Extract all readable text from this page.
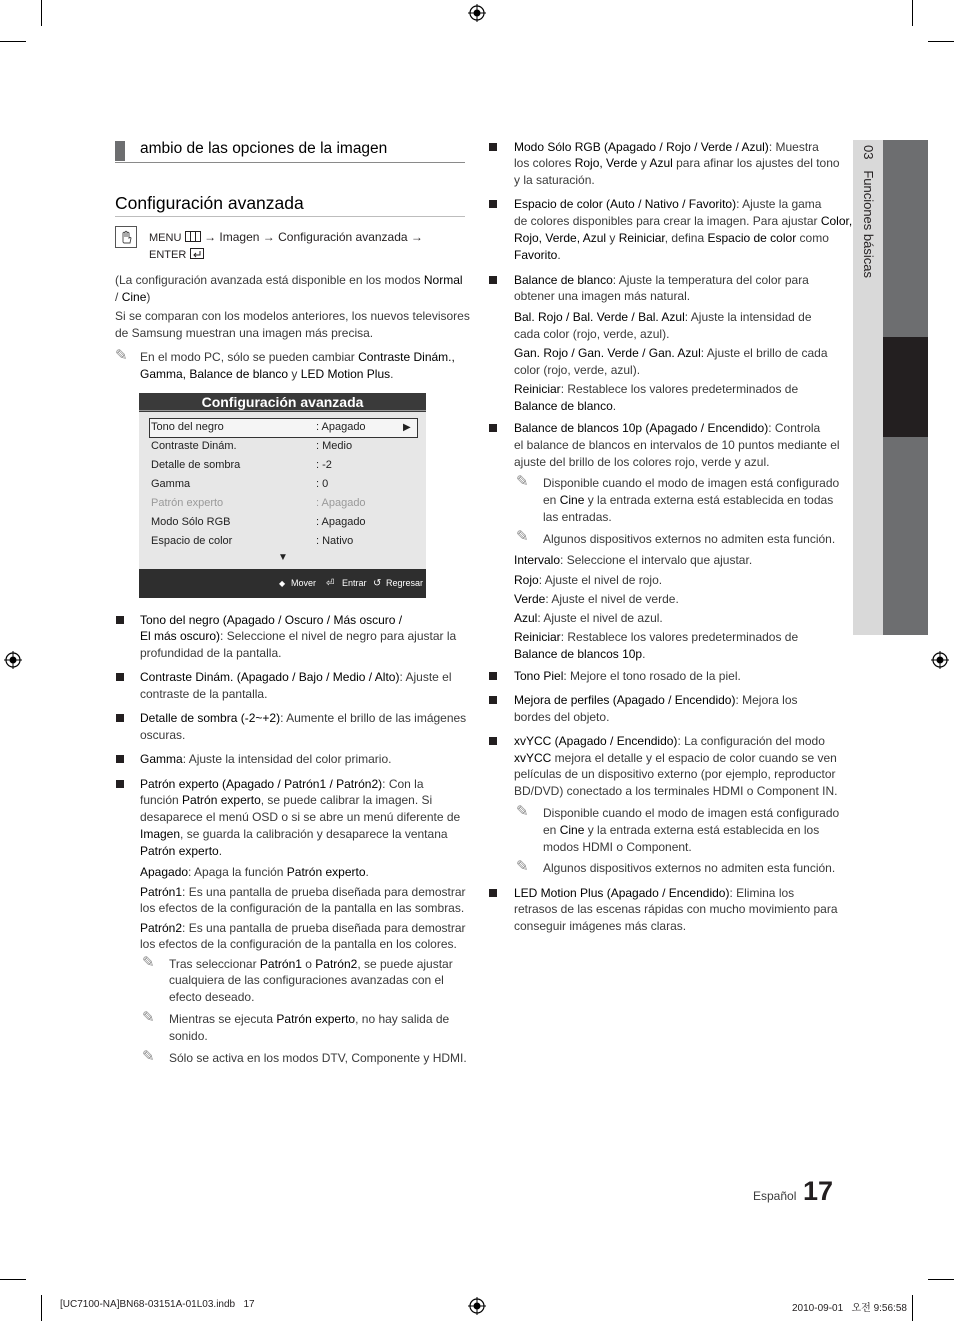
ambio de las opciones de la imagen
Configuración avanzada
MENU → Imagen → Configuración avanzada →
ENTER
(La configuración avanzada está disponible en los modos Normal
/ Cine)
Si se comparan con los modelos anteriores, los nuevos televisores
de Samsung muestran una imagen más precisa.
✎ En el modo PC, sólo se pueden cambiar Contraste Dinám.,
Gamma, Balance de blanco y LED Motion Plus.
Configuración avanzada
Tono del negro	: Apagado	▶
Contraste Dinám.	: Medio
Detalle de sombra	: -2
Gamma	: 0
Patrón experto	: Apagado
Modo Sólo RGB	: Apagado
Espacio de color	: Nativo
▼
◆ Mover ⏎ Entrar ↺ Regresar
Tono del negro (Apagado / Oscuro / Más oscuro /
El más oscuro): Seleccione el nivel de negro para ajustar la
profundidad de la pantalla.
Contraste Dinám. (Apagado / Bajo / Medio / Alto): Ajuste el
contraste de la pantalla.
Detalle de sombra (-2~+2): Aumente el brillo de las imágenes
oscuras.
Gamma: Ajuste la intensidad del color primario.
Patrón experto (Apagado / Patrón1 / Patrón2): Con la
función Patrón experto, se puede calibrar la imagen. Si
desaparece el menú OSD o si se abre un menú diferente de
Imagen, se guarda la calibración y desaparece la ventana
Patrón experto.
Apagado: Apaga la función Patrón experto.
Patrón1: Es una pantalla de prueba diseñada para demostrar
los efectos de la configuración de la pantalla en las sombras.
Patrón2: Es una pantalla de prueba diseñada para demostrar
los efectos de la configuración de la pantalla en los colores.
✎ Tras seleccionar Patrón1 o Patrón2, se puede ajustar
cualquiera de las configuraciones avanzadas con el
efecto deseado.
✎ Mientras se ejecuta Patrón experto, no hay salida de
sonido.
✎ Sólo se activa en los modos DTV, Componente y HDMI.
Modo Sólo RGB (Apagado / Rojo / Verde / Azul): Muestra
los colores Rojo, Verde y Azul para afinar los ajustes del tono
y la saturación.
Espacio de color (Auto / Nativo / Favorito): Ajuste la gama
de colores disponibles para crear la imagen. Para ajustar Color,
Rojo, Verde, Azul y Reiniciar, defina Espacio de color como
Favorito.
Balance de blanco: Ajuste la temperatura del color para
obtener una imagen más natural.
Bal. Rojo / Bal. Verde / Bal. Azul: Ajuste la intensidad de
cada color (rojo, verde, azul).
Gan. Rojo / Gan. Verde / Gan. Azul: Ajuste el brillo de cada
color (rojo, verde, azul).
Reiniciar: Restablece los valores predeterminados de
Balance de blanco.
Balance de blancos 10p (Apagado / Encendido): Controla
el balance de blancos en intervalos de 10 puntos mediante el
ajuste del brillo de los colores rojo, verde y azul.
✎ Disponible cuando el modo de imagen está configurado
en Cine y la entrada externa está establecida en todas
las entradas.
✎ Algunos dispositivos externos no admiten esta función.
Intervalo: Seleccione el intervalo que ajustar.
Rojo: Ajuste el nivel de rojo.
Verde: Ajuste el nivel de verde.
Azul: Ajuste el nivel de azul.
Reiniciar: Restablece los valores predeterminados de
Balance de blancos 10p.
Tono Piel: Mejore el tono rosado de la piel.
Mejora de perfiles (Apagado / Encendido): Mejora los
bordes del objeto.
xvYCC (Apagado / Encendido): La configuración del modo
xvYCC mejora el detalle y el espacio de color cuando se ven
películas de un dispositivo externo (por ejemplo, reproductor
BD/DVD) conectado a los terminales HDMI o Component IN.
✎ Disponible cuando el modo de imagen está configurado
en Cine y la entrada externa está establecida en los
modos HDMI o Component.
✎ Algunos dispositivos externos no admiten esta función.
LED Motion Plus (Apagado / Encendido): Elimina los
retrasos de las escenas rápidas con mucho movimiento para
conseguir imágenes más claras.
03   Funciones básicas
Español 17
[UC7100-NA]BN68-03151A-01L03.indb   17	2010-09-01   오전 9:56:58
